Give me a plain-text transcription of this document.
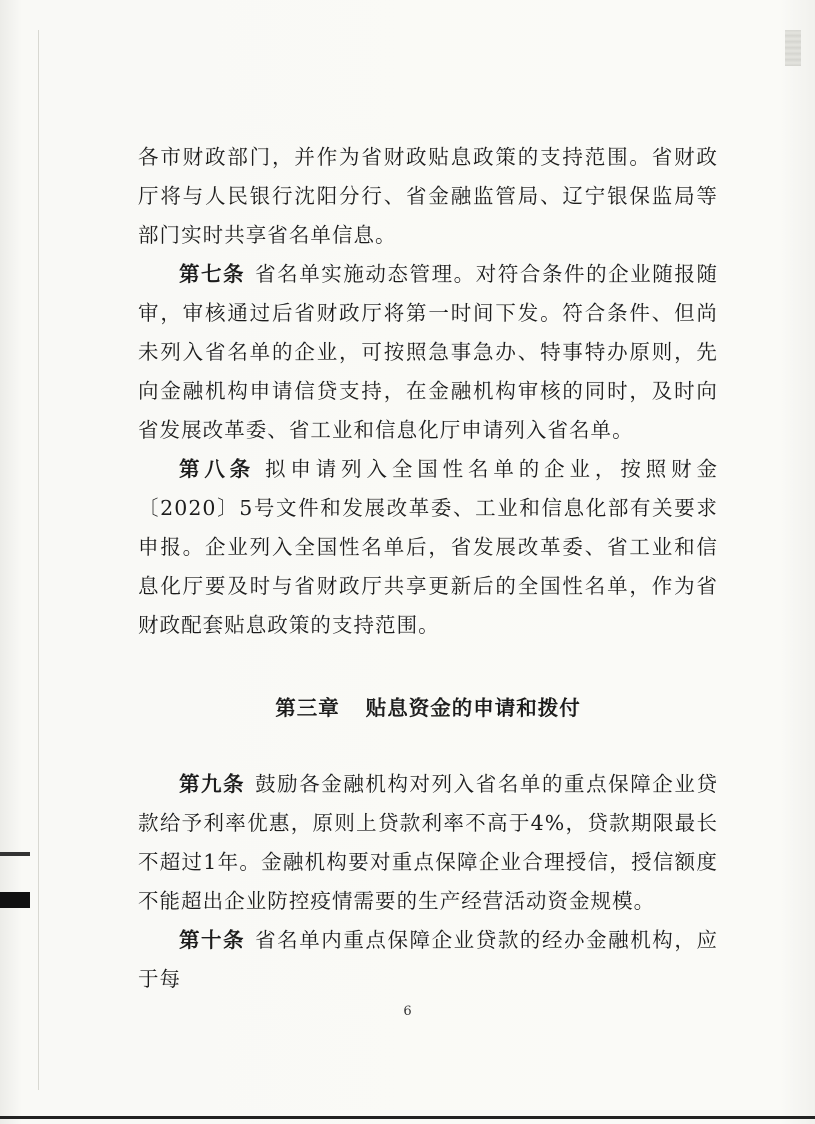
各市财政部门，并作为省财政贴息政策的支持范围。省财政厅将与人民银行沈阳分行、省金融监管局、辽宁银保监局等部门实时共享省名单信息。

第七条 省名单实施动态管理。对符合条件的企业随报随审，审核通过后省财政厅将第一时间下发。符合条件、但尚未列入省名单的企业，可按照急事急办、特事特办原则，先向金融机构申请信贷支持，在金融机构审核的同时，及时向省发展改革委、省工业和信息化厅申请列入省名单。

第八条 拟申请列入全国性名单的企业，按照财金〔2020〕5号文件和发展改革委、工业和信息化部有关要求申报。企业列入全国性名单后，省发展改革委、省工业和信息化厅要及时与省财政厅共享更新后的全国性名单，作为省财政配套贴息政策的支持范围。

第三章 贴息资金的申请和拨付

第九条 鼓励各金融机构对列入省名单的重点保障企业贷款给予利率优惠，原则上贷款利率不高于4%，贷款期限最长不超过1年。金融机构要对重点保障企业合理授信，授信额度不能超出企业防控疫情需要的生产经营活动资金规模。

第十条 省名单内重点保障企业贷款的经办金融机构，应于每

6
